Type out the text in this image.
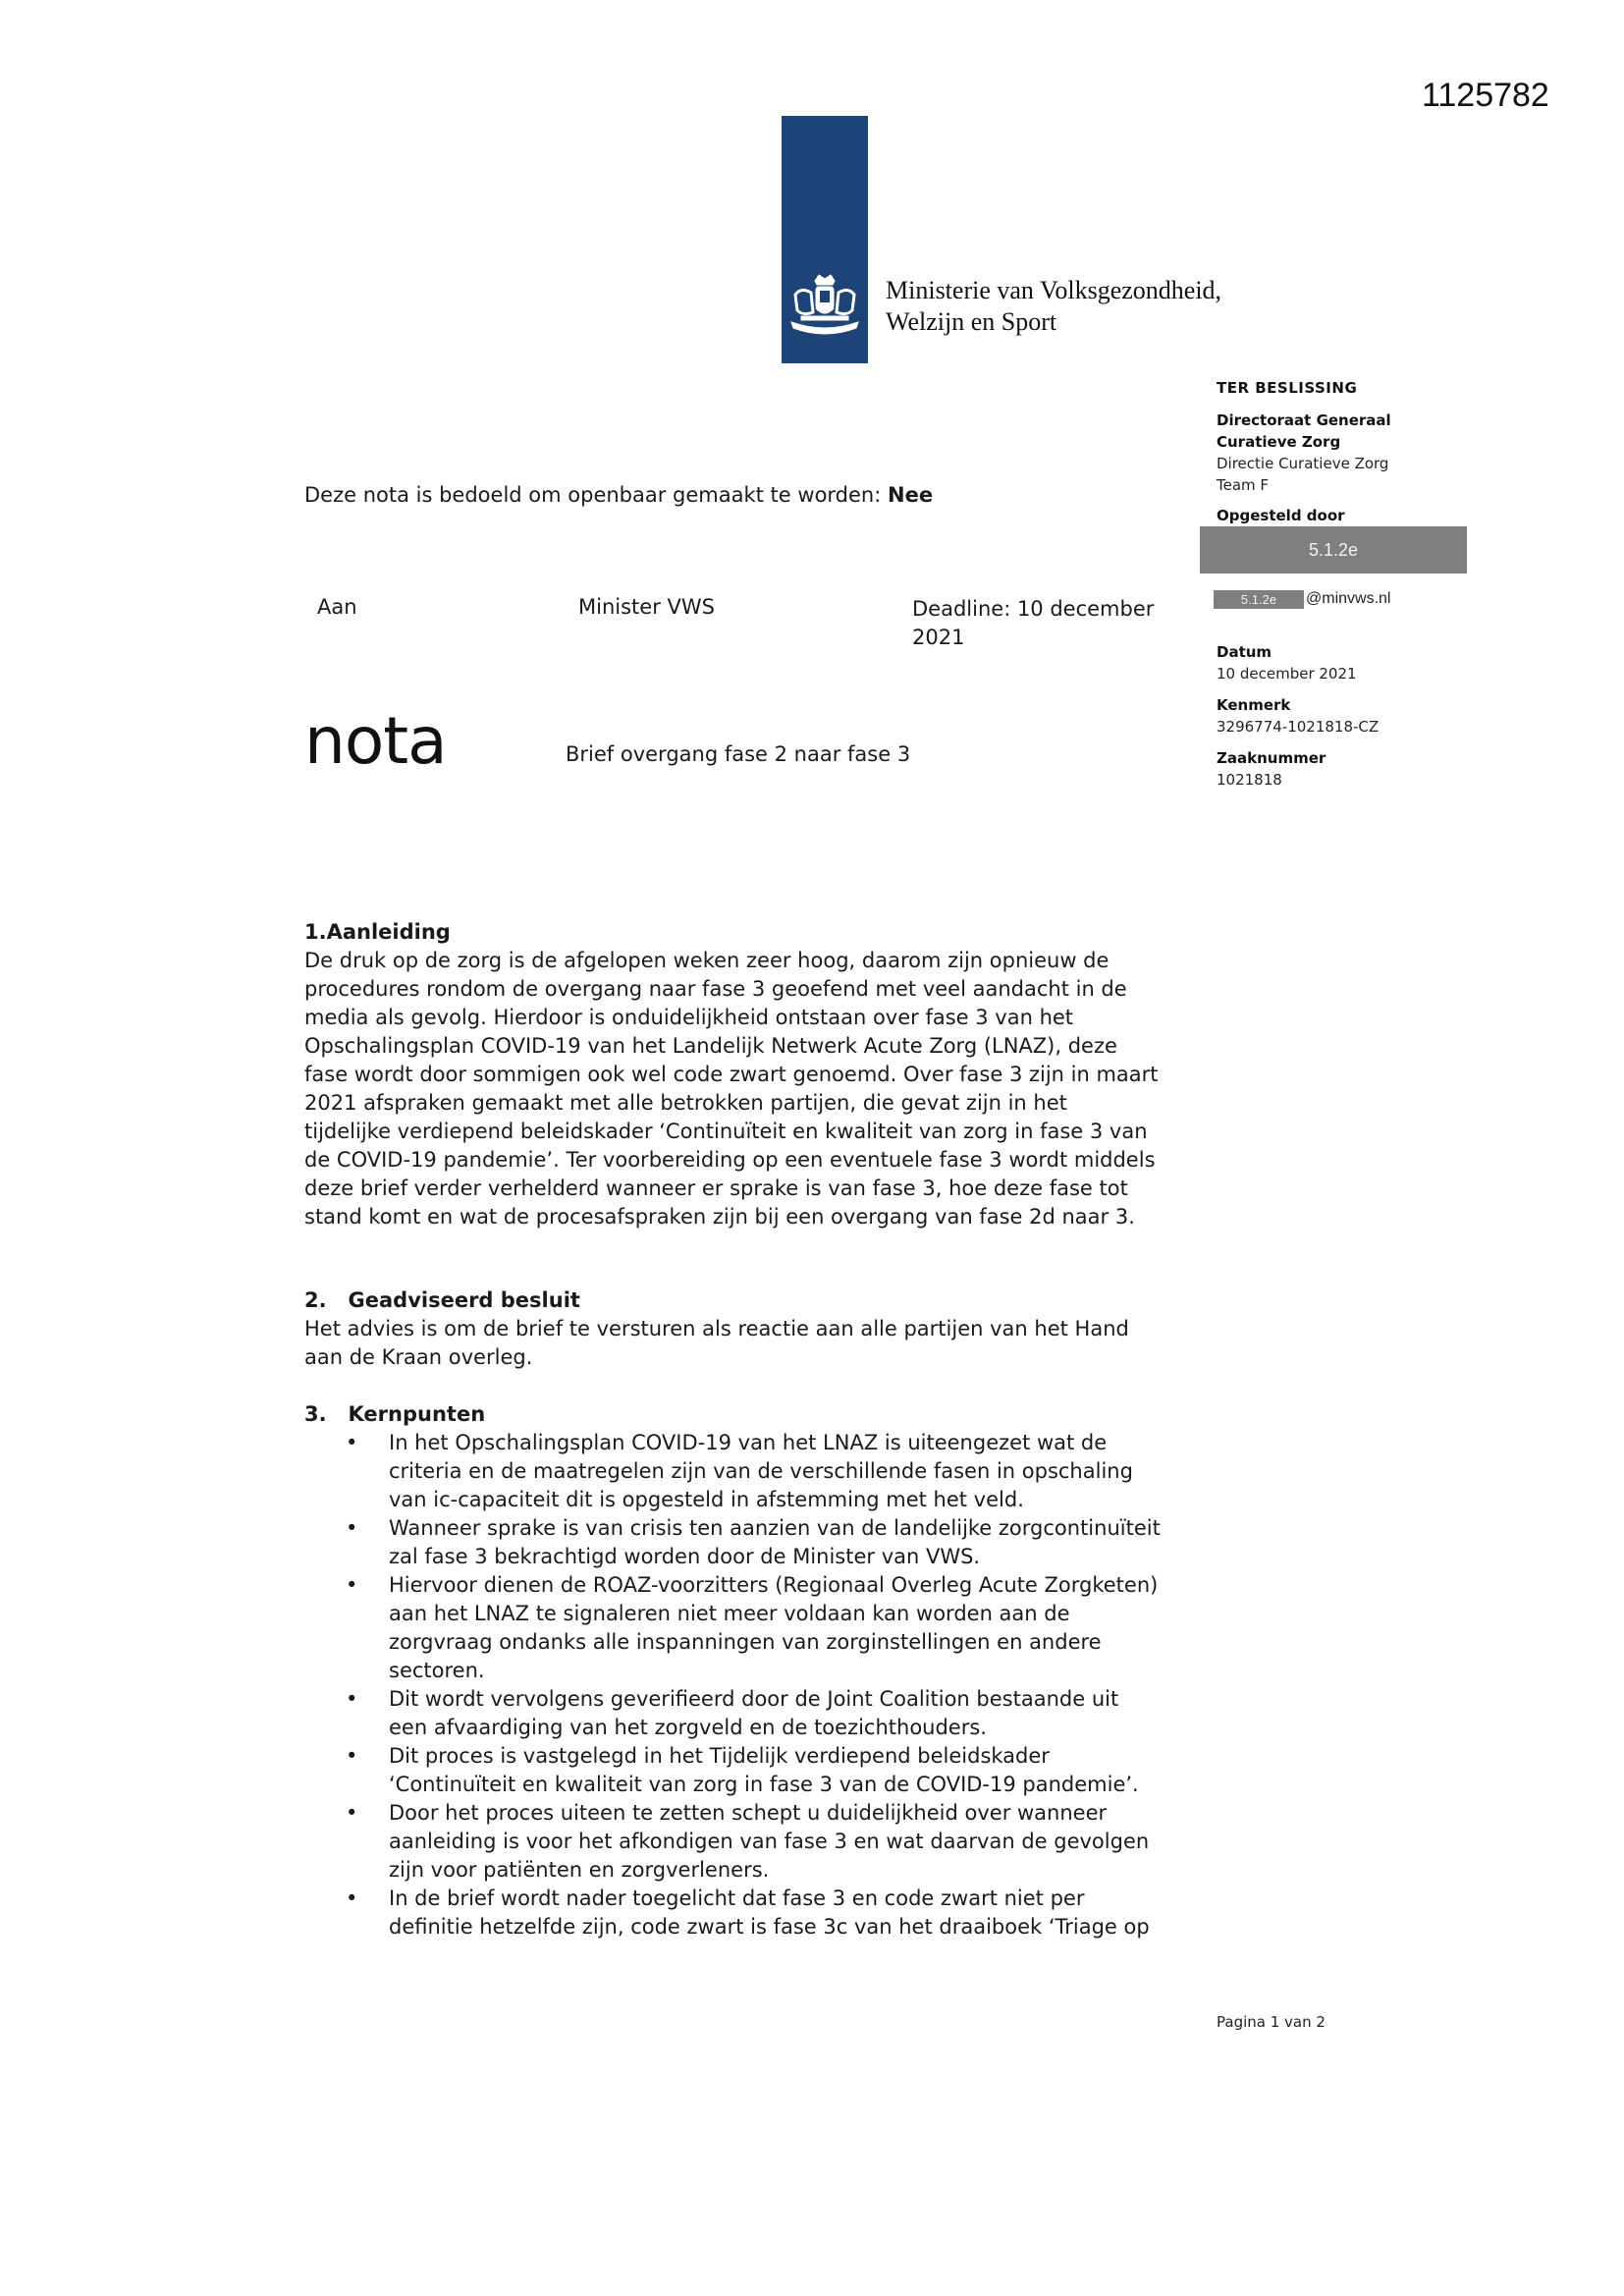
1125782
Ministerie van Volksgezondheid,
Welzijn en Sport
TER BESLISSING
Directoraat Generaal
Curatieve Zorg
Directie Curatieve Zorg
Team F
Opgesteld door
5.1.2e
5.1.2e	@minvws.nl
Datum
10 december 2021
Kenmerk
3296774-1021818-CZ
Zaaknummer
1021818
Deze nota is bedoeld om openbaar gemaakt te worden: Nee
Aan	Minister VWS	Deadline: 10 december
2021
nota	Brief overgang fase 2 naar fase 3
1.Aanleiding

De druk op de zorg is de afgelopen weken zeer hoog, daarom zijn opnieuw de

procedures rondom de overgang naar fase 3 geoefend met veel aandacht in de

media als gevolg. Hierdoor is onduidelijkheid ontstaan over fase 3 van het

Opschalingsplan COVID-19 van het Landelijk Netwerk Acute Zorg (LNAZ), deze

fase wordt door sommigen ook wel code zwart genoemd. Over fase 3 zijn in maart

2021 afspraken gemaakt met alle betrokken partijen, die gevat zijn in het

tijdelijke verdiepend beleidskader ‘Continuïteit en kwaliteit van zorg in fase 3 van

de COVID-19 pandemie’. Ter voorbereiding op een eventuele fase 3 wordt middels

deze brief verder verhelderd wanneer er sprake is van fase 3, hoe deze fase tot

stand komt en wat de procesafspraken zijn bij een overgang van fase 2d naar 3.

2.   Geadviseerd besluit

Het advies is om de brief te versturen als reactie aan alle partijen van het Hand

aan de Kraan overleg.

3.   Kernpunten
• In het Opschalingsplan COVID-19 van het LNAZ is uiteengezet wat de
criteria en de maatregelen zijn van de verschillende fasen in opschaling
van ic-capaciteit dit is opgesteld in afstemming met het veld.
• Wanneer sprake is van crisis ten aanzien van de landelijke zorgcontinuïteit
zal fase 3 bekrachtigd worden door de Minister van VWS.
• Hiervoor dienen de ROAZ-voorzitters (Regionaal Overleg Acute Zorgketen)
aan het LNAZ te signaleren niet meer voldaan kan worden aan de
zorgvraag ondanks alle inspanningen van zorginstellingen en andere
sectoren.
• Dit wordt vervolgens geverifieerd door de Joint Coalition bestaande uit
een afvaardiging van het zorgveld en de toezichthouders.
• Dit proces is vastgelegd in het Tijdelijk verdiepend beleidskader
‘Continuïteit en kwaliteit van zorg in fase 3 van de COVID-19 pandemie’.
• Door het proces uiteen te zetten schept u duidelijkheid over wanneer
aanleiding is voor het afkondigen van fase 3 en wat daarvan de gevolgen
zijn voor patiënten en zorgverleners.
• In de brief wordt nader toegelicht dat fase 3 en code zwart niet per
definitie hetzelfde zijn, code zwart is fase 3c van het draaiboek ‘Triage op
Pagina 1 van 2
